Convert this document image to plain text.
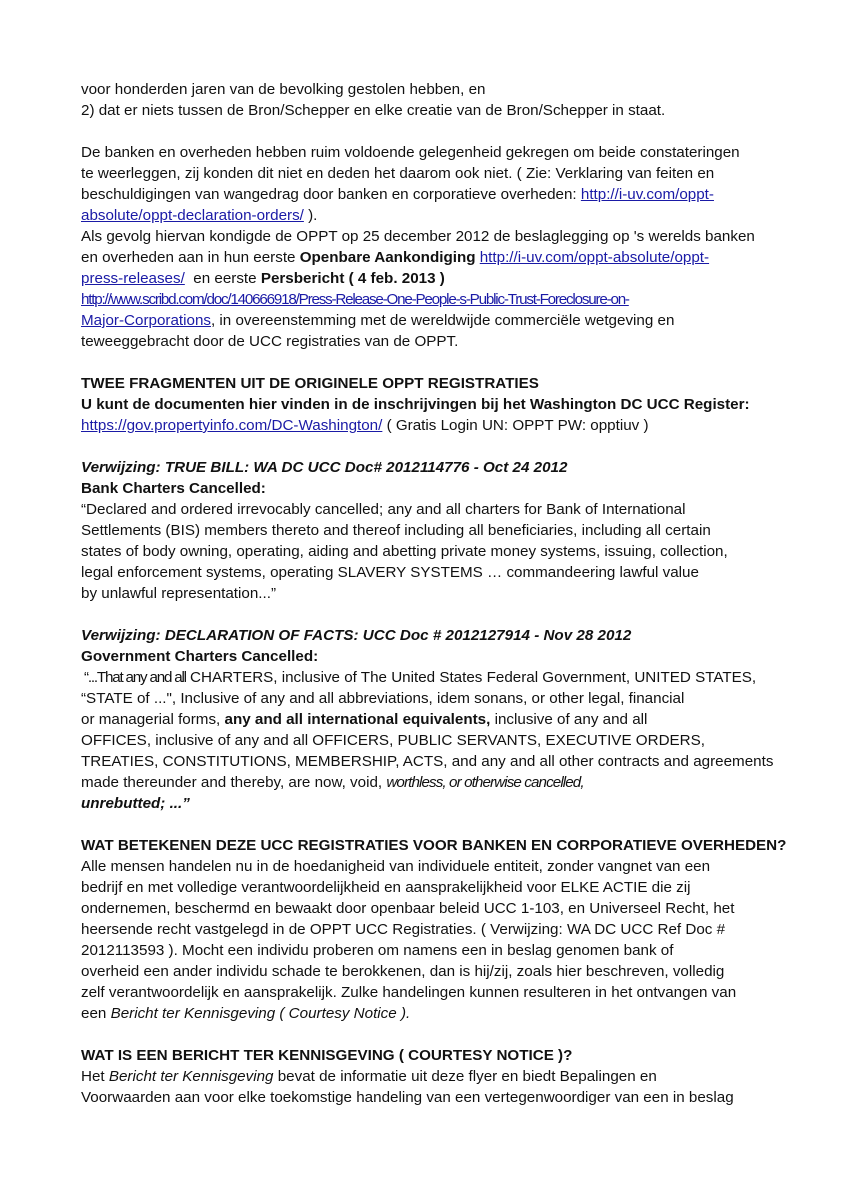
voor honderden jaren van de bevolking gestolen hebben, en
2) dat er niets tussen de Bron/Schepper en elke creatie van de Bron/Schepper in staat.
De banken en overheden hebben ruim voldoende gelegenheid gekregen om beide constateringen
te weerleggen, zij konden dit niet en deden het daarom ook niet. ( Zie: Verklaring van feiten en
beschuldigingen van wangedrag door banken en corporatieve overheden: http://i-uv.com/oppt-
absolute/oppt-declaration-orders/ ).
Als gevolg hiervan kondigde de OPPT op 25 december 2012 de beslaglegging op 's werelds banken
en overheden aan in hun eerste Openbare Aankondiging http://i-uv.com/oppt-absolute/oppt-
press-releases/  en eerste Persbericht ( 4 feb. 2013 )
http://www.scribd.com/doc/140666918/Press-Release-One-People-s-Public-Trust-Foreclosure-on-
Major-Corporations, in overeenstemming met de wereldwijde commerciële wetgeving en
teweeggebracht door de UCC registraties van de OPPT.
TWEE FRAGMENTEN UIT DE ORIGINELE OPPT REGISTRATIES
U kunt de documenten hier vinden in de inschrijvingen bij het Washington DC UCC Register:
https://gov.propertyinfo.com/DC-Washington/ ( Gratis Login UN: OPPT PW: opptiuv )
Verwijzing: TRUE BILL: WA DC UCC Doc# 2012114776 - Oct 24 2012
Bank Charters Cancelled:
“Declared and ordered irrevocably cancelled; any and all charters for Bank of International
Settlements (BIS) members thereto and thereof including all beneficiaries, including all certain
states of body owning, operating, aiding and abetting private money systems, issuing, collection,
legal enforcement systems, operating SLAVERY SYSTEMS … commandeering lawful value
by unlawful representation...”
Verwijzing: DECLARATION OF FACTS: UCC Doc # 2012127914 - Nov 28 2012
Government Charters Cancelled:
“...That any and all CHARTERS, inclusive of The United States Federal Government, UNITED STATES,
“STATE of ...", Inclusive of any and all abbreviations, idem sonans, or other legal, financial
or managerial forms, any and all international equivalents, inclusive of any and all
OFFICES, inclusive of any and all OFFICERS, PUBLIC SERVANTS, EXECUTIVE ORDERS,
TREATIES, CONSTITUTIONS, MEMBERSHIP, ACTS, and any and all other contracts and agreements
made thereunder and thereby, are now, void, worthless, or otherwise cancelled,
unrebutted; ...”
WAT BETEKENEN DEZE UCC REGISTRATIES VOOR BANKEN EN CORPORATIEVE OVERHEDEN?
Alle mensen handelen nu in de hoedanigheid van individuele entiteit, zonder vangnet van een
bedrijf en met volledige verantwoordelijkheid en aansprakelijkheid voor ELKE ACTIE die zij
ondernemen, beschermd en bewaakt door openbaar beleid UCC 1-103, en Universeel Recht, het
heersende recht vastgelegd in de OPPT UCC Registraties. ( Verwijzing: WA DC UCC Ref Doc #
2012113593 ). Mocht een individu proberen om namens een in beslag genomen bank of
overheid een ander individu schade te berokkenen, dan is hij/zij, zoals hier beschreven, volledig
zelf verantwoordelijk en aansprakelijk. Zulke handelingen kunnen resulteren in het ontvangen van
een Bericht ter Kennisgeving ( Courtesy Notice ).
WAT IS EEN BERICHT TER KENNISGEVING ( COURTESY NOTICE )?
Het Bericht ter Kennisgeving bevat de informatie uit deze flyer en biedt Bepalingen en
Voorwaarden aan voor elke toekomstige handeling van een vertegenwoordiger van een in beslag
